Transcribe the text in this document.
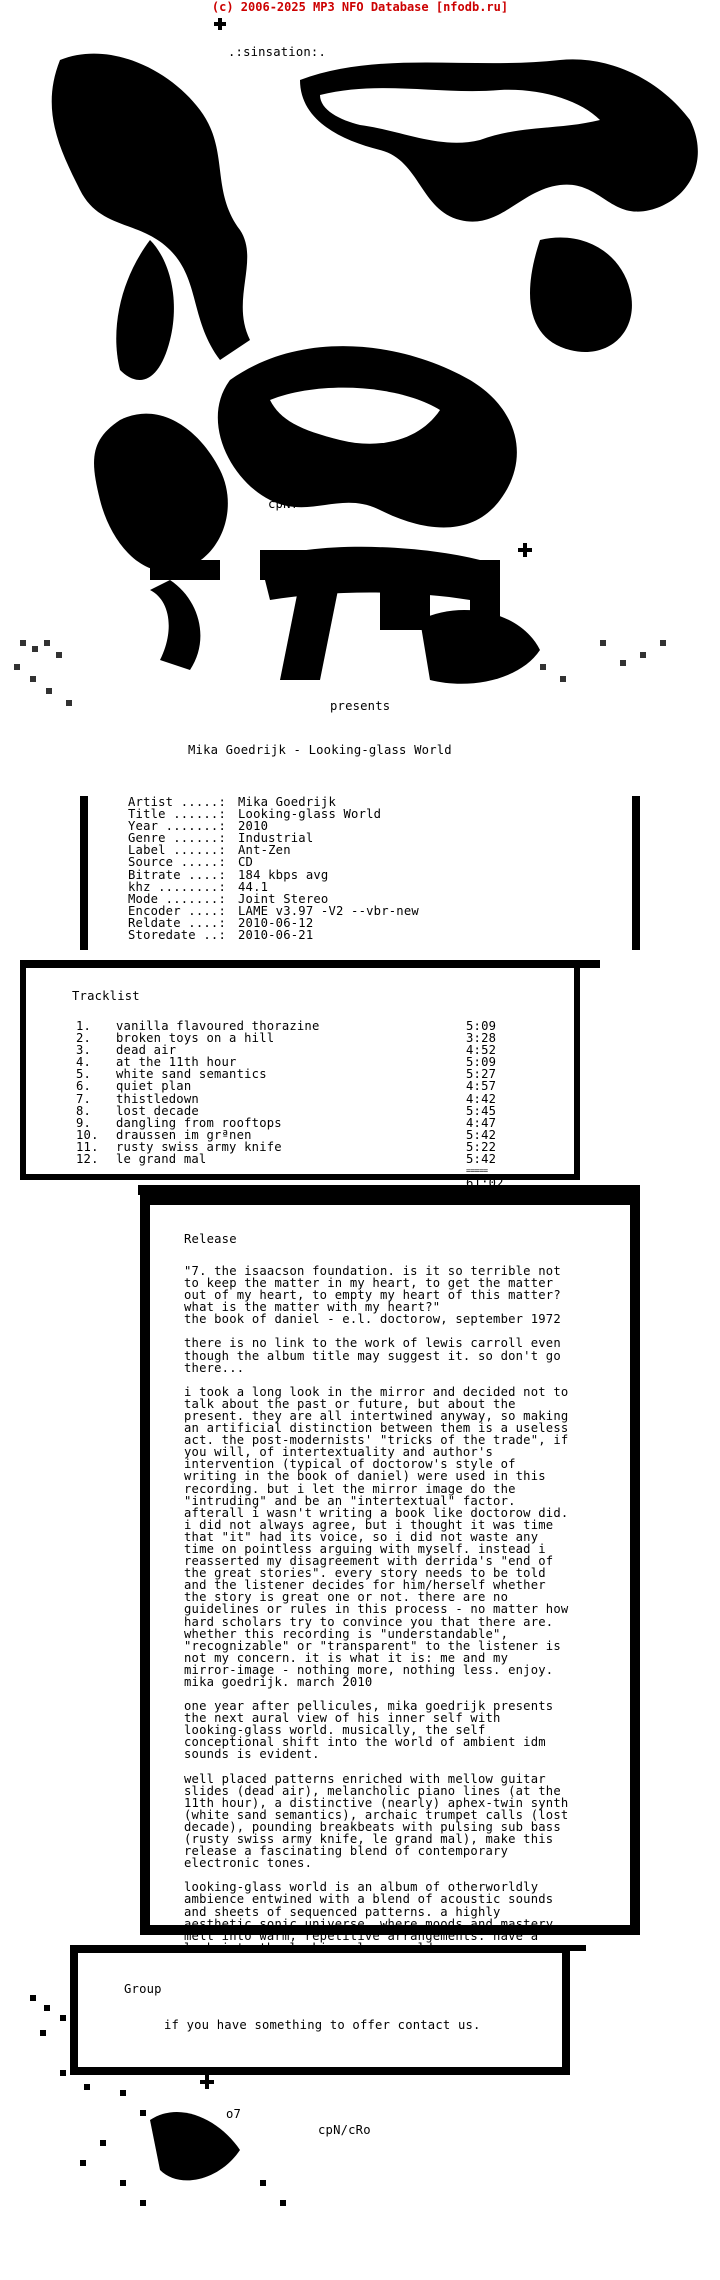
(c) 2006-2025 MP3 NFO Database [nfodb.ru]
.:sinsation:.
cpN!
presents
Mika Goedrijk - Looking-glass World
Artist .....: Mika Goedrijk
Title ......: Looking-glass World
Year .......: 2010
Genre ......: Industrial
Label ......: Ant-Zen
Source .....: CD
Bitrate ....: 184 kbps avg
khz ........: 44.1
Mode .......: Joint Stereo
Encoder ....: LAME v3.97 -V2 --vbr-new
Reldate ....: 2010-06-12
Storedate ..: 2010-06-21
Tracklist
1.	vanilla flavoured thorazine	5:09
2.	broken toys on a hill	3:28
3.	dead air	4:52
4.	at the 11th hour	5:09
5.	white sand semantics	5:27
6.	quiet plan	4:57
7.	thistledown	4:42
8.	lost decade	5:45
9.	dangling from rooftops	4:47
10.	draussen im grªnen	5:42
11.	rusty swiss army knife	5:22
12.	le grand mal	5:42
=====
61:02
Release
"7. the isaacson foundation. is it so terrible not
to keep the matter in my heart, to get the matter
out of my heart, to empty my heart of this matter?
what is the matter with my heart?"
the book of daniel - e.l. doctorow, september 1972
there is no link to the work of lewis carroll even
though the album title may suggest it. so don't go
there...
i took a long look in the mirror and decided not to
talk about the past or future, but about the
present. they are all intertwined anyway, so making
an artificial distinction between them is a useless
act. the post-modernists' "tricks of the trade", if
you will, of intertextuality and author's
intervention (typical of doctorow's style of
writing in the book of daniel) were used in this
recording. but i let the mirror image do the
"intruding" and be an "intertextual" factor.
afterall i wasn't writing a book like doctorow did.
i did not always agree, but i thought it was time
that "it" had its voice, so i did not waste any
time on pointless arguing with myself. instead i
reasserted my disagreement with derrida's "end of
the great stories". every story needs to be told
and the listener decides for him/herself whether
the story is great one or not. there are no
guidelines or rules in this process - no matter how
hard scholars try to convince you that there are.
whether this recording is "understandable",
"recognizable" or "transparent" to the listener is
not my concern. it is what it is: me and my
mirror-image - nothing more, nothing less. enjoy.
mika goedrijk. march 2010
one year after pellicules, mika goedrijk presents
the next aural view of his inner self with
looking-glass world. musically, the self
conceptional shift into the world of ambient idm
sounds is evident.
well placed patterns enriched with mellow guitar
slides (dead air), melancholic piano lines (at the
11th hour), a distinctive (nearly) aphex-twin synth
(white sand semantics), archaic trumpet calls (lost
decade), pounding breakbeats with pulsing sub bass
(rusty swiss army knife, le grand mal), make this
release a fascinating blend of contemporary
electronic tones.
looking-glass world is an album of otherworldly
ambience entwined with a blend of acoustic sounds
and sheets of sequenced patterns. a highly
aesthetic sonic universe, where moods and mastery
melt into warm, repetitive arrangements. have a

Group
if you have something to offer contact us.
o7
cpN/cRo
